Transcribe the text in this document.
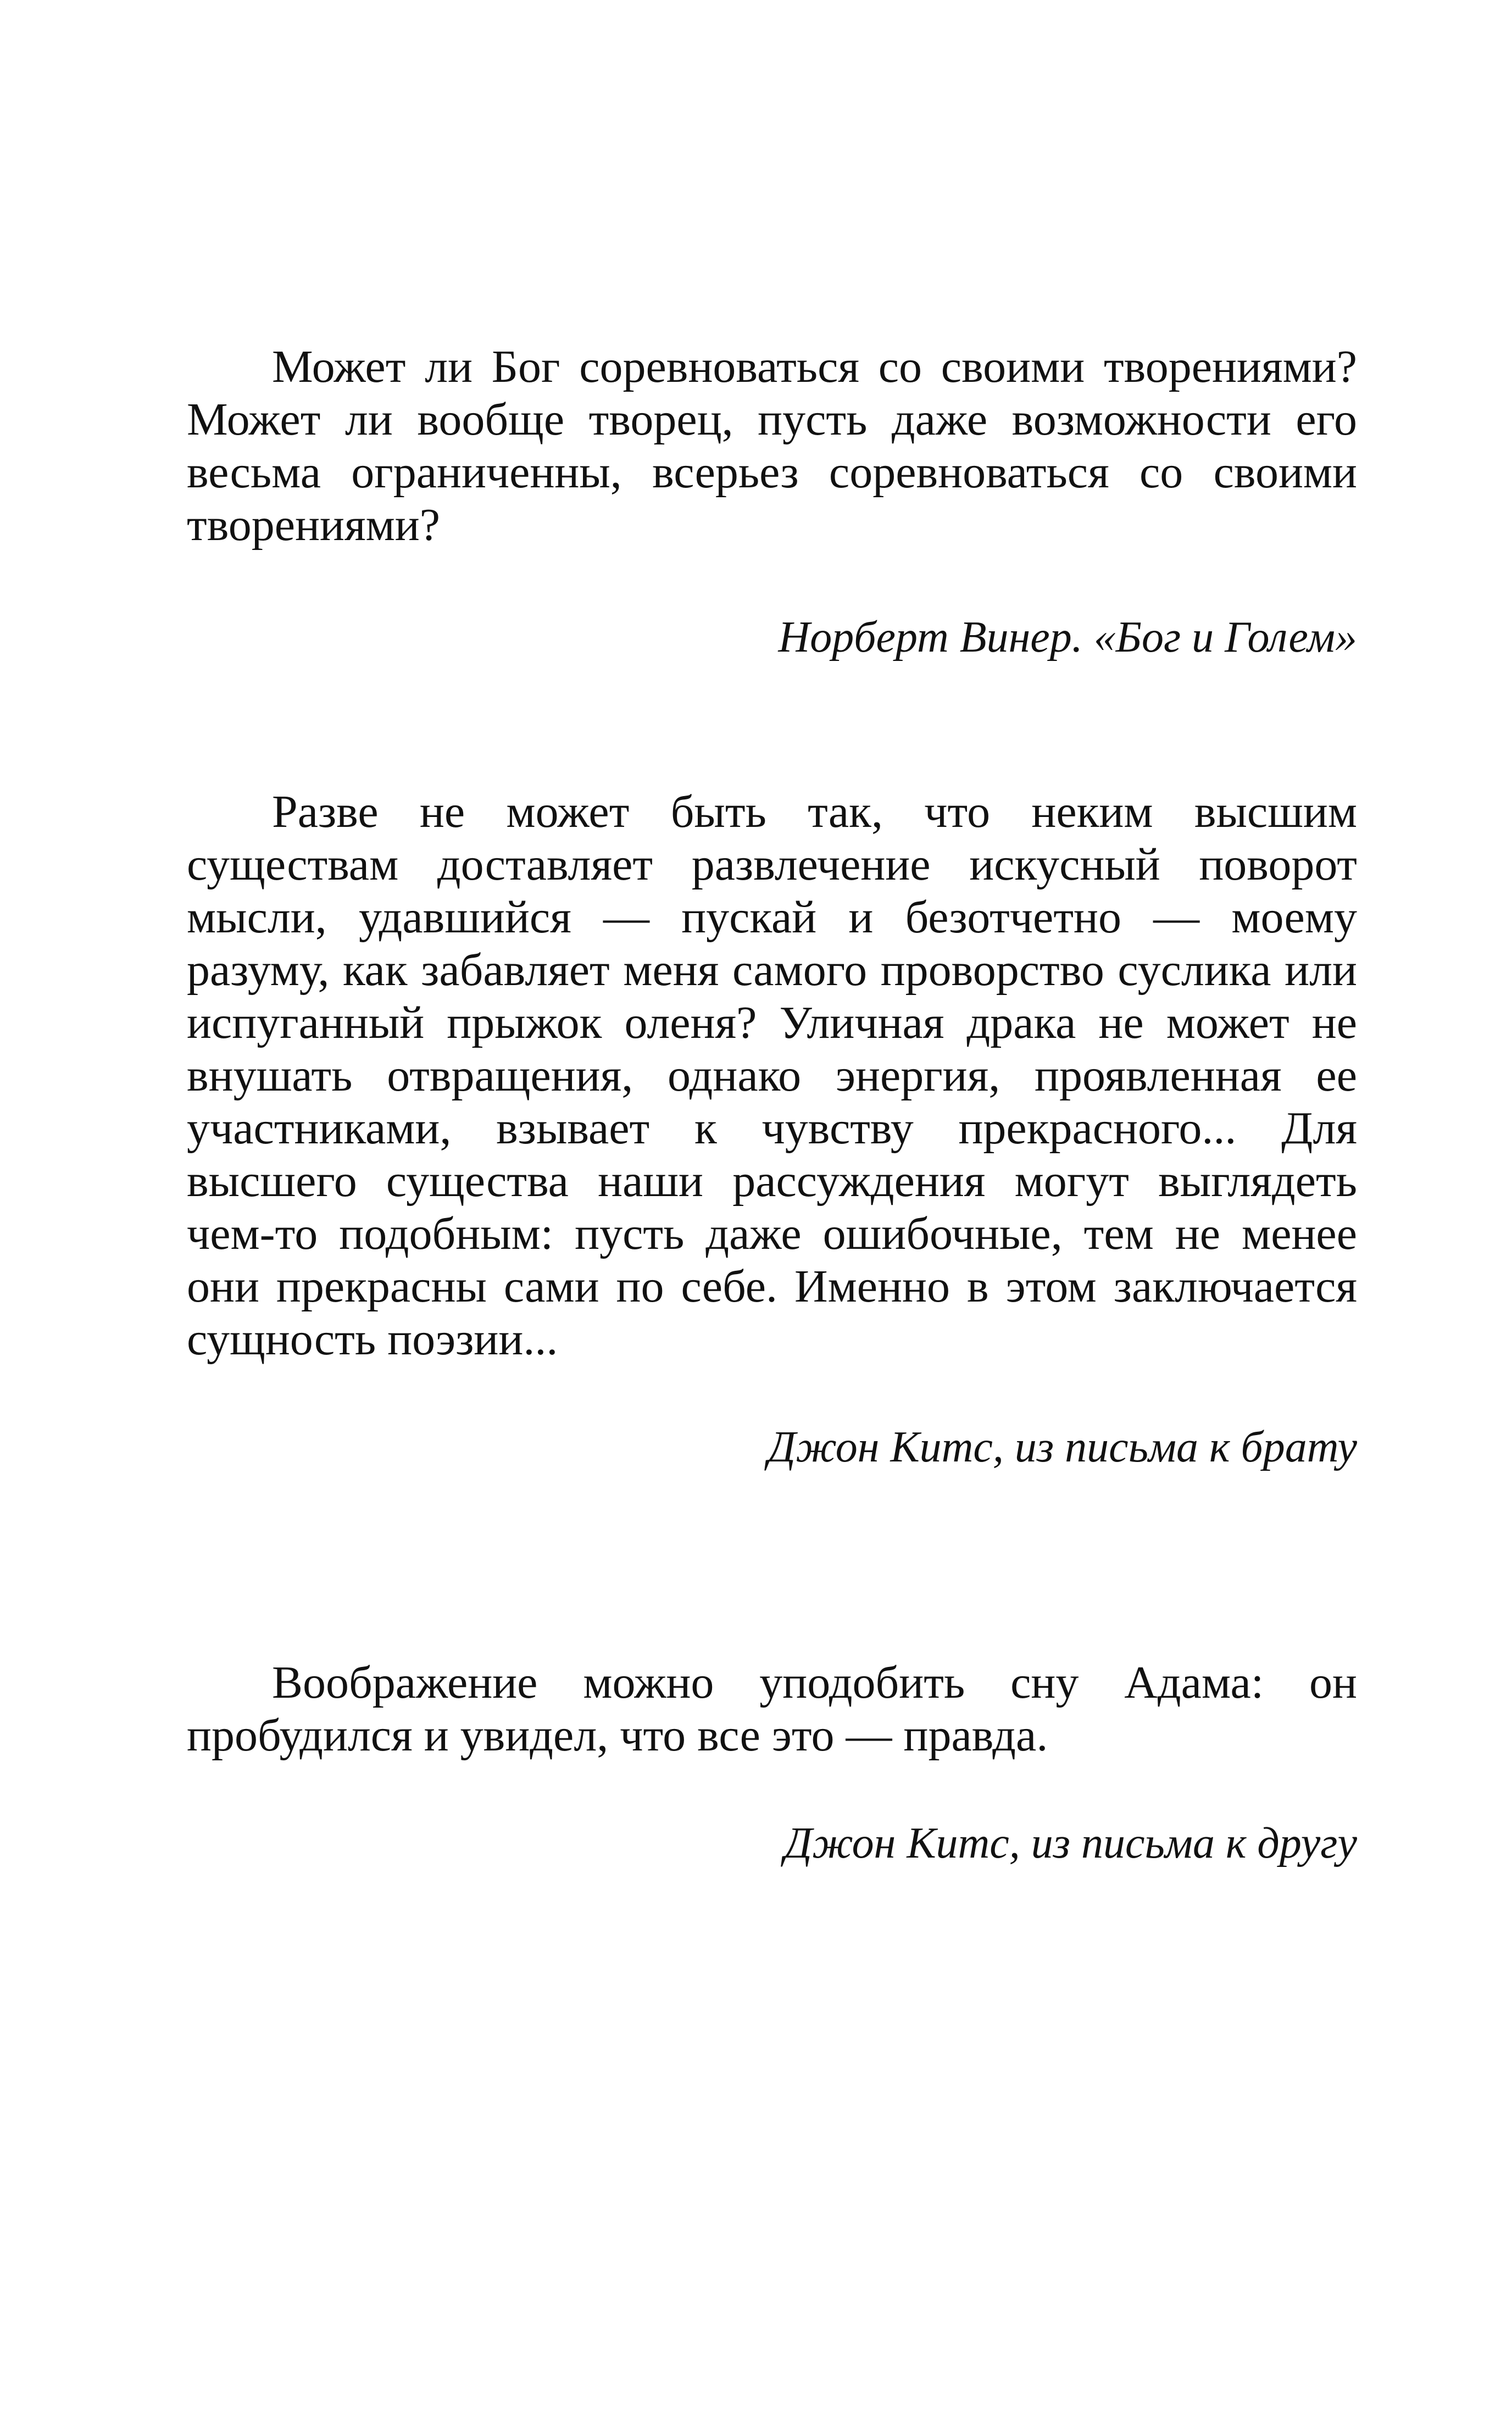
Может ли Бог соревноваться со своими творениями? Может ли вообще творец, пусть даже возможности его весьма ограниченны, всерьез соревноваться со своими творениями?

Норберт Винер. «Бог и Голем»

Разве не может быть так, что неким высшим существам доставляет развлечение искусный поворот мысли, удавшийся — пускай и безотчетно — моему разуму, как забавляет меня самого проворство суслика или испуганный прыжок оленя? Уличная драка не может не внушать отвращения, однако энергия, проявленная ее участниками, взывает к чувству прекрасного... Для высшего существа наши рассуждения могут выглядеть чем-то подобным: пусть даже ошибочные, тем не менее они прекрасны сами по себе. Именно в этом заключается сущность поэзии...

Джон Китс, из письма к брату

Воображение можно уподобить сну Адама: он пробудился и увидел, что все это — правда.

Джон Китс, из письма к другу
